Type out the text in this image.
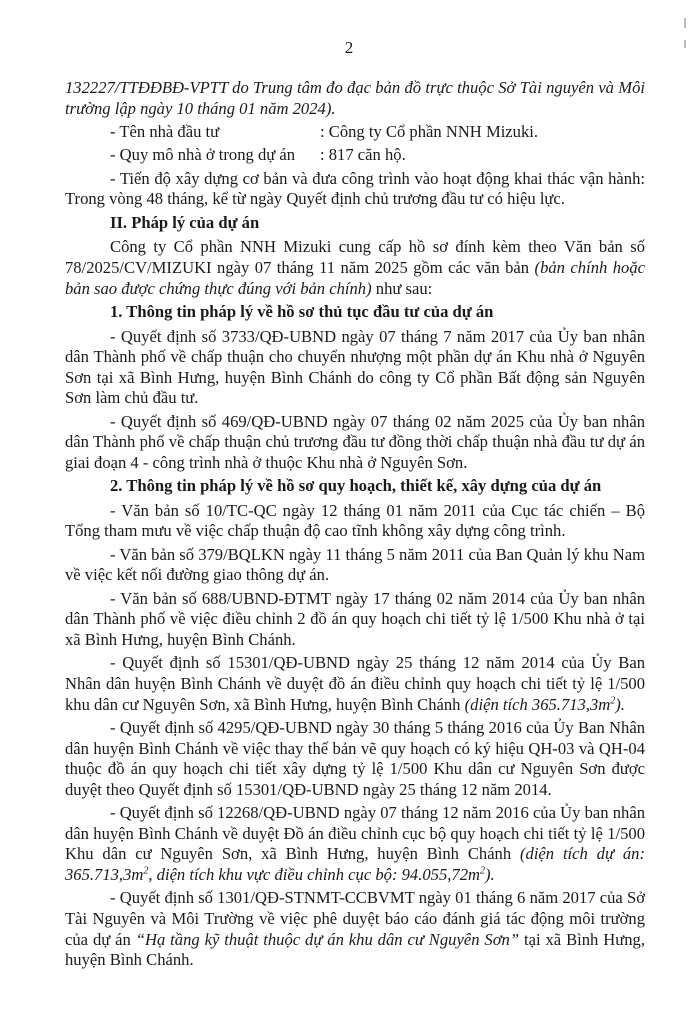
2

132227/TTĐĐBĐ-VPTT do Trung tâm đo đạc bản đồ trực thuộc Sở Tài nguyên và Môi trường lập ngày 10 tháng 01 năm 2024).

- Tên nhà đầu tư	: Công ty Cổ phần NNH Mizuki.
- Quy mô nhà ở trong dự án	: 817 căn hộ.

- Tiến độ xây dựng cơ bản và đưa công trình vào hoạt động khai thác vận hành: Trong vòng 48 tháng, kể từ ngày Quyết định chủ trương đầu tư có hiệu lực.

II. Pháp lý của dự án

Công ty Cổ phần NNH Mizuki cung cấp hồ sơ đính kèm theo Văn bản số 78/2025/CV/MIZUKI ngày 07 tháng 11 năm 2025 gồm các văn bản (bản chính hoặc bản sao được chứng thực đúng với bản chính) như sau:

1. Thông tin pháp lý về hồ sơ thủ tục đầu tư của dự án

- Quyết định số 3733/QĐ-UBND ngày 07 tháng 7 năm 2017 của Ủy ban nhân dân Thành phố về chấp thuận cho chuyển nhượng một phần dự án Khu nhà ở Nguyên Sơn tại xã Bình Hưng, huyện Bình Chánh do công ty Cổ phần Bất động sản Nguyên Sơn làm chủ đầu tư.

- Quyết định số 469/QĐ-UBND ngày 07 tháng 02 năm 2025 của Ủy ban nhân dân Thành phố về chấp thuận chủ trương đầu tư đồng thời chấp thuận nhà đầu tư dự án giai đoạn 4 - công trình nhà ở thuộc Khu nhà ở Nguyên Sơn.

2. Thông tin pháp lý về hồ sơ quy hoạch, thiết kế, xây dựng của dự án

- Văn bản số 10/TC-QC ngày 12 tháng 01 năm 2011 của Cục tác chiến – Bộ Tổng tham mưu về việc chấp thuận độ cao tĩnh không xây dựng công trình.

- Văn bản số 379/BQLKN ngày 11 tháng 5 năm 2011 của Ban Quản lý khu Nam về việc kết nối đường giao thông dự án.

- Văn bản số 688/UBND-ĐTMT ngày 17 tháng 02 năm 2014 của Ủy ban nhân dân Thành phố về việc điều chỉnh 2 đồ án quy hoạch chi tiết tỷ lệ 1/500 Khu nhà ở tại xã Bình Hưng, huyện Bình Chánh.

- Quyết định số 15301/QĐ-UBND ngày 25 tháng 12 năm 2014 của Ủy Ban Nhân dân huyện Bình Chánh về duyệt đồ án điều chỉnh quy hoạch chi tiết tỷ lệ 1/500 khu dân cư Nguyên Sơn, xã Bình Hưng, huyện Bình Chánh (diện tích $365.713,3m^2$).

- Quyết định số 4295/QĐ-UBND ngày 30 tháng 5 tháng 2016 của Ủy Ban Nhân dân huyện Bình Chánh về việc thay thế bản vẽ quy hoạch có ký hiệu QH-03 và QH-04 thuộc đồ án quy hoạch chi tiết xây dựng tỷ lệ 1/500 Khu dân cư Nguyên Sơn được duyệt theo Quyết định số 15301/QĐ-UBND ngày 25 tháng 12 năm 2014.

- Quyết định số 12268/QĐ-UBND ngày 07 tháng 12 năm 2016 của Ủy ban nhân dân huyện Bình Chánh về duyệt Đồ án điều chỉnh cục bộ quy hoạch chi tiết tỷ lệ 1/500 Khu dân cư Nguyên Sơn, xã Bình Hưng, huyện Bình Chánh (diện tích dự án: $365.713,3m^2$, diện tích khu vực điều chỉnh cục bộ: $94.055,72m^2$).

- Quyết định số 1301/QĐ-STNMT-CCBVMT ngày 01 tháng 6 năm 2017 của Sở Tài Nguyên và Môi Trường về việc phê duyệt báo cáo đánh giá tác động môi trường của dự án “Hạ tầng kỹ thuật thuộc dự án khu dân cư Nguyên Sơn” tại xã Bình Hưng, huyện Bình Chánh.
